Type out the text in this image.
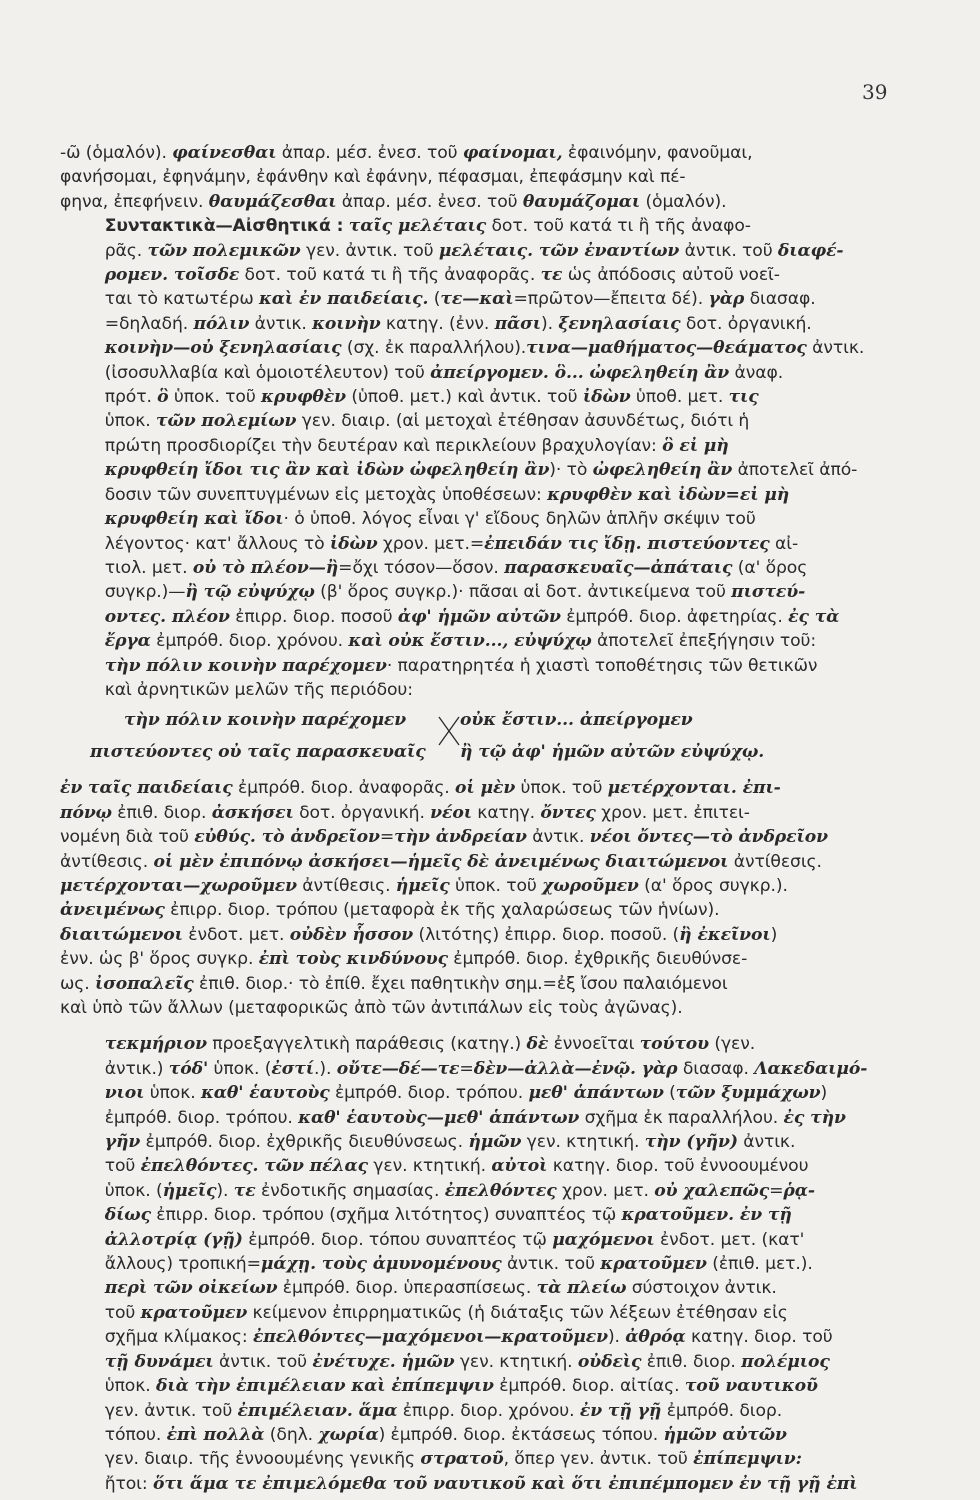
39

-ῶ (ὁμαλόν). φαίνεσθαι ἀπαρ. μέσ. ἐνεσ. τοῦ φαίνομαι, ἐφαινόμην, φανοῦμαι,
φανήσομαι, ἐφηνάμην, ἐφάνθην καὶ ἐφάνην, πέφασμαι, ἐπεφάσμην καὶ πέ-
φηνα, ἐπεφήνειν. θαυμάζεσθαι ἀπαρ. μέσ. ἐνεσ. τοῦ θαυμάζομαι (ὁμαλόν).

Συντακτικὰ—Αἰσθητικά : ταῖς μελέταις δοτ. τοῦ κατά τι ἢ τῆς ἀναφο-
ρᾶς. τῶν πολεμικῶν γεν. ἀντικ. τοῦ μελέταις. τῶν ἐναντίων ἀντικ. τοῦ διαφέ-
ρομεν. τοῖσδε δοτ. τοῦ κατά τι ἢ τῆς ἀναφορᾶς. τε ὡς ἀπόδοσις αὐτοῦ νοεῖ-
ται τὸ κατωτέρω καὶ ἐν παιδείαις. (τε—καὶ=πρῶτον—ἔπειτα δέ). γὰρ διασαφ.
=δηλαδή. πόλιν ἀντικ. κοινὴν κατηγ. (ἐνν. πᾶσι). ξενηλασίαις δοτ. ὀργανική.
κοινὴν—οὐ ξενηλασίαις (σχ. ἐκ παραλλήλου).τινα—μαθήματος—θεάματος ἀντικ.
(ἰσοσυλλαβία καὶ ὁμοιοτέλευτον) τοῦ ἀπείργομεν. ὃ... ὠφεληθείη ἂν ἀναφ.
πρότ. ὃ ὑποκ. τοῦ κρυφθὲν (ὑποθ. μετ.) καὶ ἀντικ. τοῦ ἰδὼν ὑποθ. μετ. τις
ὑποκ. τῶν πολεμίων γεν. διαιρ. (αἱ μετοχαὶ ἐτέθησαν ἀσυνδέτως, διότι ἡ
πρώτη προσδιορίζει τὴν δευτέραν καὶ περικλείουν βραχυλογίαν: ὃ εἰ μὴ
κρυφθείη ἴδοι τις ἂν καὶ ἰδὼν ὠφεληθείη ἂν)· τὸ ὠφεληθείη ἂν ἀποτελεῖ ἀπό-
δοσιν τῶν συνεπτυγμένων εἰς μετοχὰς ὑποθέσεων: κρυφθὲν καὶ ἰδὼν=εἰ μὴ
κρυφθείη καὶ ἴδοι· ὁ ὑποθ. λόγος εἶναι γ' εἴδους δηλῶν ἁπλῆν σκέψιν τοῦ
λέγοντος· κατ' ἄλλους τὸ ἰδὼν χρον. μετ.=ἐπειδάν τις ἴδῃ. πιστεύοντες αἰ-
τιολ. μετ. οὐ τὸ πλέον—ἢ=ὄχι τόσον—ὅσον. παρασκευαῖς—ἀπάταις (α' ὅρος
συγκρ.)—ἢ τῷ εὐψύχῳ (β' ὅρος συγκρ.)· πᾶσαι αἱ δοτ. ἀντικείμενα τοῦ πιστεύ-
οντες. πλέον ἐπιρρ. διορ. ποσοῦ ἀφ' ἡμῶν αὐτῶν ἐμπρόθ. διορ. ἀφετηρίας. ἐς τὰ
ἔργα ἐμπρόθ. διορ. χρόνου. καὶ οὐκ ἔστιν..., εὐψύχῳ ἀποτελεῖ ἐπεξήγησιν τοῦ:
τὴν πόλιν κοινὴν παρέχομεν· παρατηρητέα ἡ χιαστὶ τοποθέτησις τῶν θετικῶν
καὶ ἀρνητικῶν μελῶν τῆς περιόδου:

τὴν πόλιν κοινὴν παρέχομεν	οὐκ ἔστιν... ἀπείργομεν
πιστεύοντες οὐ ταῖς παρασκευαῖς ἢ τῷ ἀφ' ἡμῶν αὐτῶν εὐψύχῳ.

ἐν ταῖς παιδείαις ἐμπρόθ. διορ. ἀναφορᾶς. οἱ μὲν ὑποκ. τοῦ μετέρχονται. ἐπι-
πόνῳ ἐπιθ. διορ. ἀσκήσει δοτ. ὀργανική. νέοι κατηγ. ὄντες χρον. μετ. ἐπιτει-
νομένη διὰ τοῦ εὐθύς. τὸ ἀνδρεῖον=τὴν ἀνδρείαν ἀντικ. νέοι ὄντες—τὸ ἀνδρεῖον
ἀντίθεσις. οἱ μὲν ἐπιπόνῳ ἀσκήσει—ἡμεῖς δὲ ἀνειμένως διαιτώμενοι ἀντίθεσις.
μετέρχονται—χωροῦμεν ἀντίθεσις. ἡμεῖς ὑποκ. τοῦ χωροῦμεν (α' ὅρος συγκρ.).
ἀνειμένως ἐπιρρ. διορ. τρόπου (μεταφορὰ ἐκ τῆς χαλαρώσεως τῶν ἡνίων).
διαιτώμενοι ἐνδοτ. μετ. οὐδὲν ἧσσον (λιτότης) ἐπιρρ. διορ. ποσοῦ. (ἢ ἐκεῖνοι)
ἐνν. ὡς β' ὅρος συγκρ. ἐπὶ τοὺς κινδύνους ἐμπρόθ. διορ. ἐχθρικῆς διευθύνσε-
ως. ἰσοπαλεῖς ἐπιθ. διορ.· τὸ ἐπίθ. ἔχει παθητικὴν σημ.=ἐξ ἴσου παλαιόμενοι
καὶ ὑπὸ τῶν ἄλλων (μεταφορικῶς ἀπὸ τῶν ἀντιπάλων εἰς τοὺς ἀγῶνας).

τεκμήριον προεξαγγελτικὴ παράθεσις (κατηγ.) δὲ ἐννοεῖται τούτου (γεν.
ἀντικ.) τόδ' ὑποκ. (ἐστί.). οὔτε—δέ—τε=δὲν—ἀλλὰ—ἐνῷ. γὰρ διασαφ. Λακεδαιμό-
νιοι ὑποκ. καθ' ἑαυτοὺς ἐμπρόθ. διορ. τρόπου. μεθ' ἁπάντων (τῶν ξυμμάχων)
ἐμπρόθ. διορ. τρόπου. καθ' ἑαυτοὺς—μεθ' ἁπάντων σχῆμα ἐκ παραλλήλου. ἐς τὴν
γῆν ἐμπρόθ. διορ. ἐχθρικῆς διευθύνσεως. ἡμῶν γεν. κτητική. τὴν (γῆν) ἀντικ.
τοῦ ἐπελθόντες. τῶν πέλας γεν. κτητική. αὐτοὶ κατηγ. διορ. τοῦ ἐννοουμένου
ὑποκ. (ἡμεῖς). τε ἐνδοτικῆς σημασίας. ἐπελθόντες χρον. μετ. οὐ χαλεπῶς=ῥᾳ-
δίως ἐπιρρ. διορ. τρόπου (σχῆμα λιτότητος) συναπτέος τῷ κρατοῦμεν. ἐν τῇ
ἀλλοτρίᾳ (γῇ) ἐμπρόθ. διορ. τόπου συναπτέος τῷ μαχόμενοι ἐνδοτ. μετ. (κατ'
ἄλλους) τροπική=μάχῃ. τοὺς ἀμυνομένους ἀντικ. τοῦ κρατοῦμεν (ἐπιθ. μετ.).
περὶ τῶν οἰκείων ἐμπρόθ. διορ. ὑπερασπίσεως. τὰ πλείω σύστοιχον ἀντικ.
τοῦ κρατοῦμεν κείμενον ἐπιρρηματικῶς (ἡ διάταξις τῶν λέξεων ἐτέθησαν εἰς
σχῆμα κλίμακος: ἐπελθόντες—μαχόμενοι—κρατοῦμεν). ἀθρόᾳ κατηγ. διορ. τοῦ
τῇ δυνάμει ἀντικ. τοῦ ἐνέτυχε. ἡμῶν γεν. κτητική. οὐδεὶς ἐπιθ. διορ. πολέμιος
ὑποκ. διὰ τὴν ἐπιμέλειαν καὶ ἐπίπεμψιν ἐμπρόθ. διορ. αἰτίας. τοῦ ναυτικοῦ
γεν. ἀντικ. τοῦ ἐπιμέλειαν. ἅμα ἐπιρρ. διορ. χρόνου. ἐν τῇ γῇ ἐμπρόθ. διορ.
τόπου. ἐπὶ πολλὰ (δηλ. χωρία) ἐμπρόθ. διορ. ἐκτάσεως τόπου. ἡμῶν αὐτῶν
γεν. διαιρ. τῆς ἐννοουμένης γενικῆς στρατοῦ, ὅπερ γεν. ἀντικ. τοῦ ἐπίπεμψιν:
ἤτοι: ὅτι ἅμα τε ἐπιμελόμεθα τοῦ ναυτικοῦ καὶ ὅτι ἐπιπέμπομεν ἐν τῇ γῇ ἐπὶ
